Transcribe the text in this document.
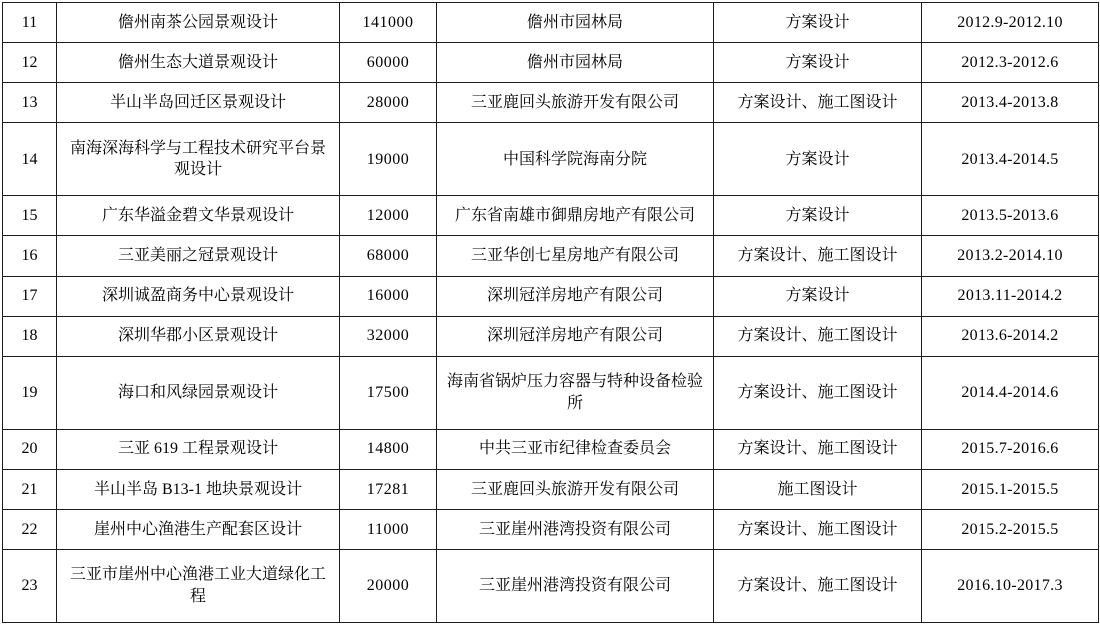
11	儋州南茶公园景观设计	141000	儋州市园林局	方案设计	2012.9-2012.10
12	儋州生态大道景观设计	60000	儋州市园林局	方案设计	2012.3-2012.6
13	半山半岛回迁区景观设计	28000	三亚鹿回头旅游开发有限公司	方案设计、施工图设计	2013.4-2013.8
14	南海深海科学与工程技术研究平台景观设计	19000	中国科学院海南分院	方案设计	2013.4-2014.5
15	广东华溢金碧文华景观设计	12000	广东省南雄市御鼎房地产有限公司	方案设计	2013.5-2013.6
16	三亚美丽之冠景观设计	68000	三亚华创七星房地产有限公司	方案设计、施工图设计	2013.2-2014.10
17	深圳诚盈商务中心景观设计	16000	深圳冠洋房地产有限公司	方案设计	2013.11-2014.2
18	深圳华郡小区景观设计	32000	深圳冠洋房地产有限公司	方案设计、施工图设计	2013.6-2014.2
19	海口和风绿园景观设计	17500	海南省锅炉压力容器与特种设备检验所	方案设计、施工图设计	2014.4-2014.6
20	三亚 619 工程景观设计	14800	中共三亚市纪律检查委员会	方案设计、施工图设计	2015.7-2016.6
21	半山半岛 B13-1 地块景观设计	17281	三亚鹿回头旅游开发有限公司	施工图设计	2015.1-2015.5
22	崖州中心渔港生产配套区设计	11000	三亚崖州港湾投资有限公司	方案设计、施工图设计	2015.2-2015.5
23	三亚市崖州中心渔港工业大道绿化工程	20000	三亚崖州港湾投资有限公司	方案设计、施工图设计	2016.10-2017.3
